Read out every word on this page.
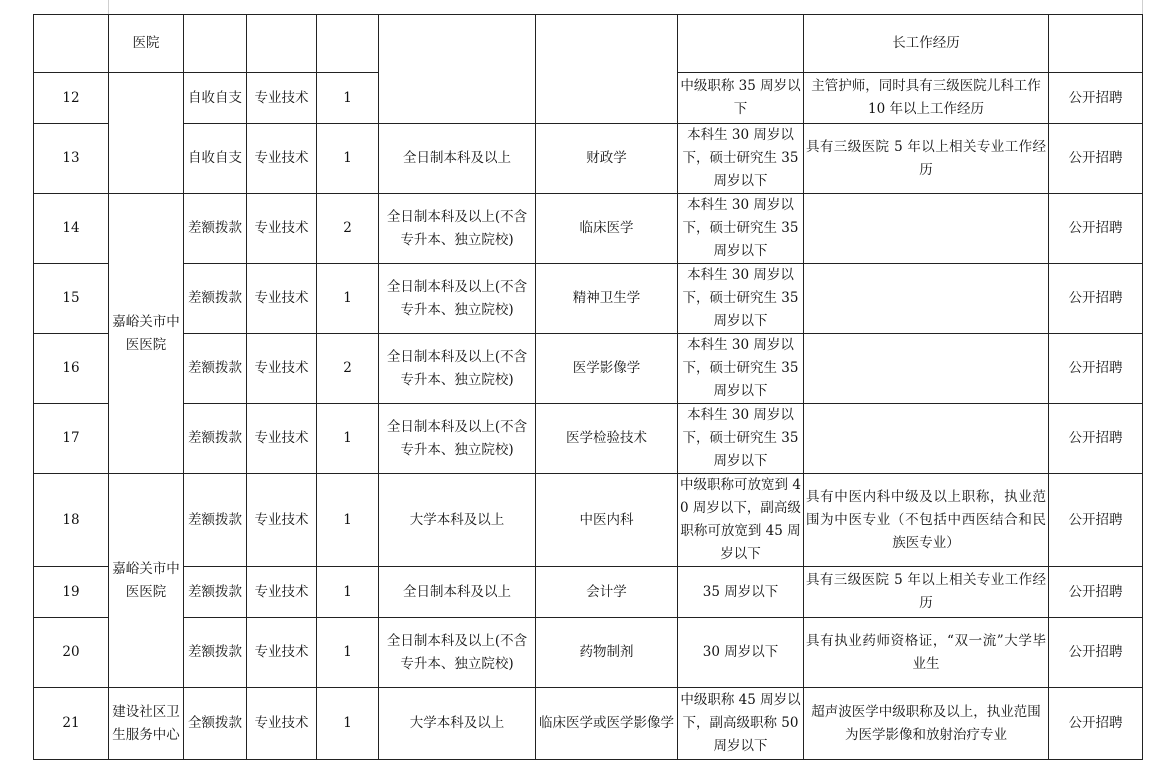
	医院							长工作经历	
12		自收自支	专业技术	1			中级职称 35 周岁以下	主管护师，同时具有三级医院儿科工作 10 年以上工作经历	公开招聘
13		自收自支	专业技术	1	全日制本科及以上	财政学	本科生 30 周岁以下，硕士研究生 35 周岁以下	具有三级医院 5 年以上相关专业工作经历	公开招聘
14	嘉峪关市中医医院	差额拨款	专业技术	2	全日制本科及以上(不含专升本、独立院校)	临床医学	本科生 30 周岁以下，硕士研究生 35 周岁以下		公开招聘
15		差额拨款	专业技术	1	全日制本科及以上(不含专升本、独立院校)	精神卫生学	本科生 30 周岁以下，硕士研究生 35 周岁以下		公开招聘
16		差额拨款	专业技术	2	全日制本科及以上(不含专升本、独立院校)	医学影像学	本科生 30 周岁以下，硕士研究生 35 周岁以下		公开招聘
17		差额拨款	专业技术	1	全日制本科及以上(不含专升本、独立院校)	医学检验技术	本科生 30 周岁以下，硕士研究生 35 周岁以下		公开招聘
18	嘉峪关市中医医院	差额拨款	专业技术	1	大学本科及以上	中医内科	中级职称可放宽到 40 周岁以下，副高级职称可放宽到 45 周岁以下	具有中医内科中级及以上职称，执业范围为中医专业（不包括中西医结合和民族医专业）	公开招聘
19		差额拨款	专业技术	1	全日制本科及以上	会计学	35 周岁以下	具有三级医院 5 年以上相关专业工作经历	公开招聘
20		差额拨款	专业技术	1	全日制本科及以上(不含专升本、独立院校)	药物制剂	30 周岁以下	具有执业药师资格证，“双一流”大学毕业生	公开招聘
21	建设社区卫生服务中心	全额拨款	专业技术	1	大学本科及以上	临床医学或医学影像学	中级职称 45 周岁以下，副高级职称 50 周岁以下	超声波医学中级职称及以上，执业范围为医学影像和放射治疗专业	公开招聘
